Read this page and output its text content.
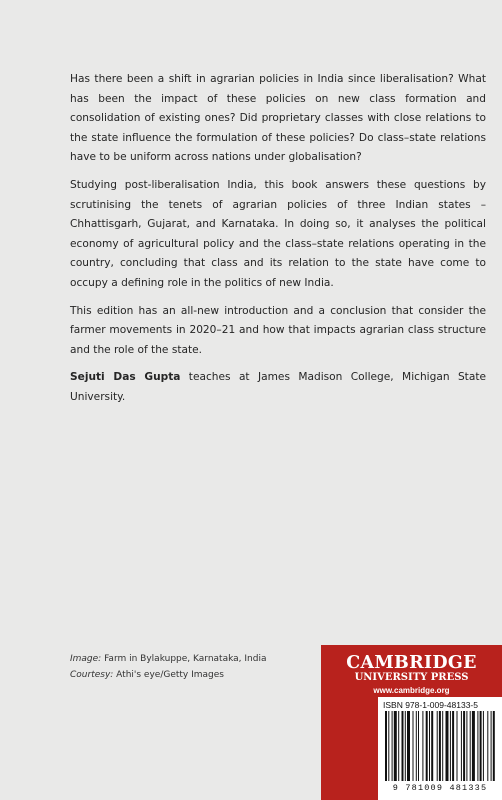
Has there been a shift in agrarian policies in India since liberalisation? What has been the impact of these policies on new class formation and consolidation of existing ones? Did proprietary classes with close relations to the state influence the formulation of these policies? Do class–state relations have to be uniform across nations under globalisation?

Studying post-liberalisation India, this book answers these questions by scrutinising the tenets of agrarian policies of three Indian states – Chhattisgarh, Gujarat, and Karnataka. In doing so, it analyses the political economy of agricultural policy and the class–state relations operating in the country, concluding that class and its relation to the state have come to occupy a defining role in the politics of new India.

This edition has an all-new introduction and a conclusion that consider the farmer movements in 2020–21 and how that impacts agrarian class structure and the role of the state.

Sejuti Das Gupta teaches at James Madison College, Michigan State University.

Image: Farm in Bylakuppe, Karnataka, India
Courtesy: Athi's eye/Getty Images
CAMBRIDGE
UNIVERSITY PRESS
www.cambridge.org
ISBN 978-1-009-48133-5
9 781009 481335
